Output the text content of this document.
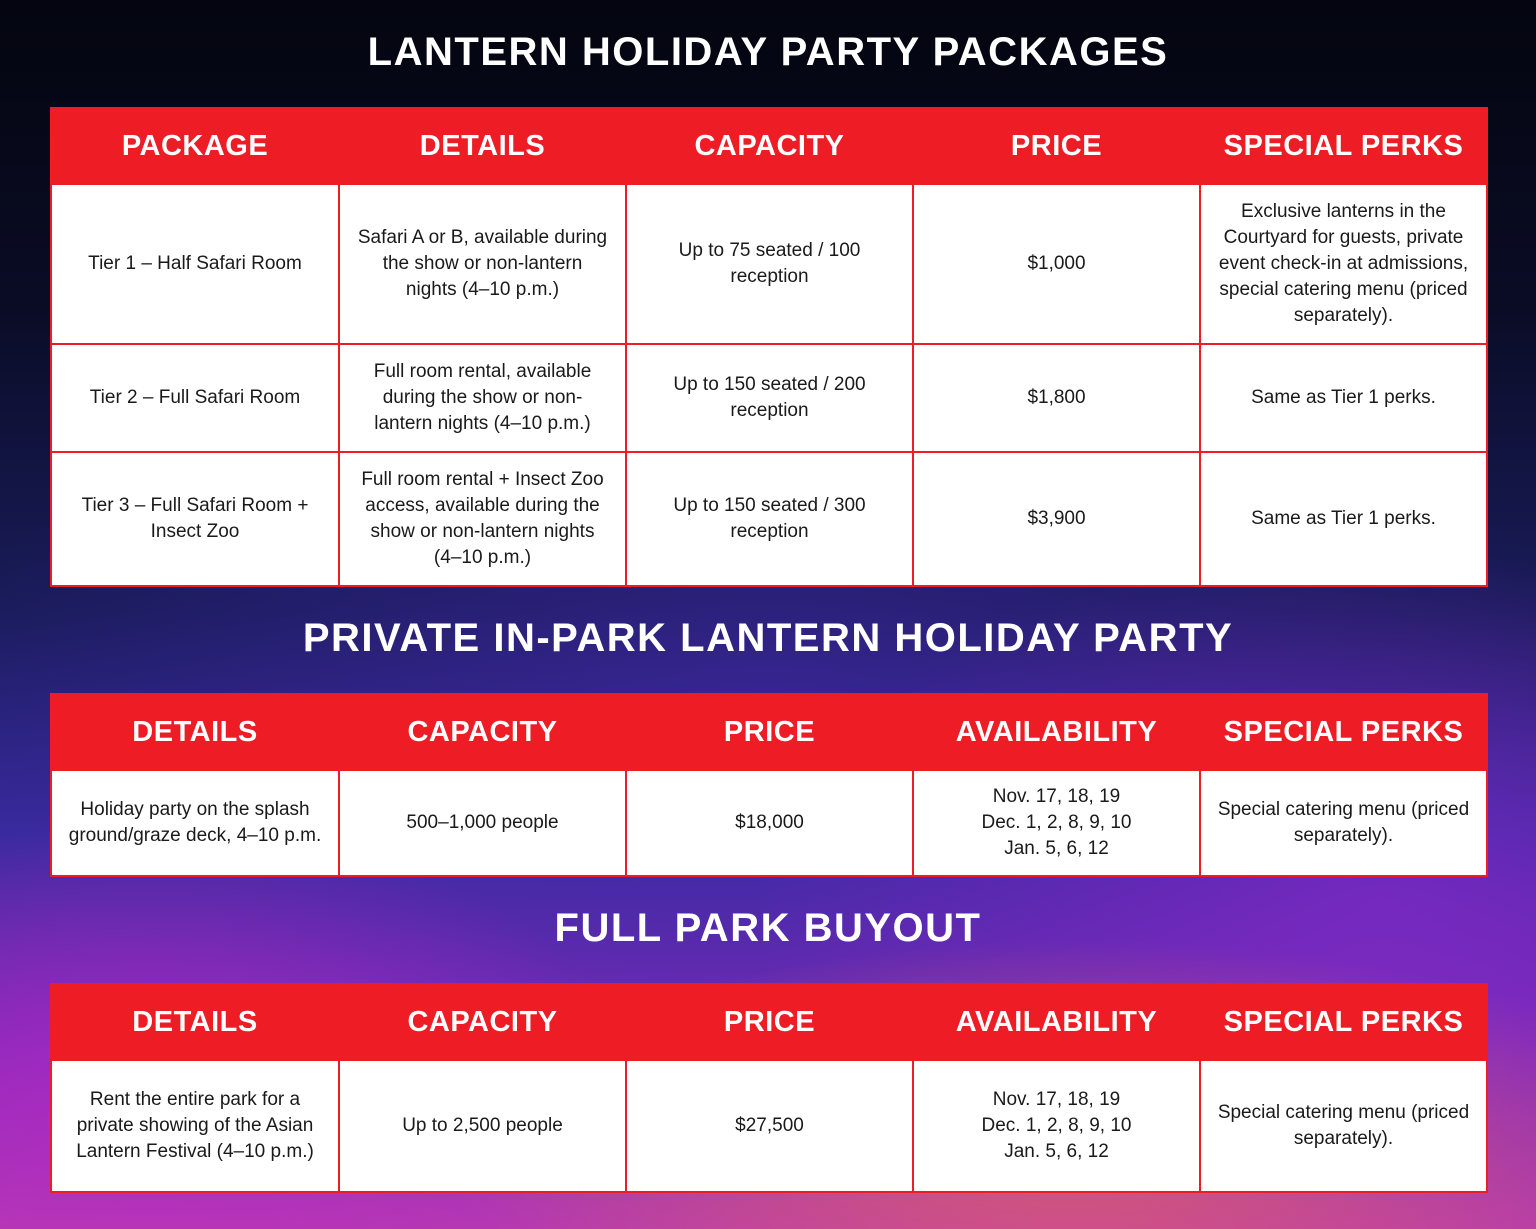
LANTERN HOLIDAY PARTY PACKAGES
PACKAGE	DETAILS	CAPACITY	PRICE	SPECIAL PERKS
Tier 1 – Half Safari Room	Safari A or B, available during the show or non-lantern nights (4–10 p.m.)	Up to 75 seated / 100 reception	$1,000	Exclusive lanterns in the Courtyard for guests, private event check-in at admissions, special catering menu (priced separately).
Tier 2 – Full Safari Room	Full room rental, available during the show or non-lantern nights (4–10 p.m.)	Up to 150 seated / 200 reception	$1,800	Same as Tier 1 perks.
Tier 3 – Full Safari Room + Insect Zoo	Full room rental + Insect Zoo access, available during the show or non-lantern nights (4–10 p.m.)	Up to 150 seated / 300 reception	$3,900	Same as Tier 1 perks.
PRIVATE IN-PARK LANTERN HOLIDAY PARTY
DETAILS	CAPACITY	PRICE	AVAILABILITY	SPECIAL PERKS
Holiday party on the splash ground/graze deck, 4–10 p.m.	500–1,000 people	$18,000	Nov. 17, 18, 19
Dec. 1, 2, 8, 9, 10
Jan. 5, 6, 12	Special catering menu (priced separately).
FULL PARK BUYOUT
DETAILS	CAPACITY	PRICE	AVAILABILITY	SPECIAL PERKS
Rent the entire park for a private showing of the Asian Lantern Festival (4–10 p.m.)	Up to 2,500 people	$27,500	Nov. 17, 18, 19
Dec. 1, 2, 8, 9, 10
Jan. 5, 6, 12	Special catering menu (priced separately).
